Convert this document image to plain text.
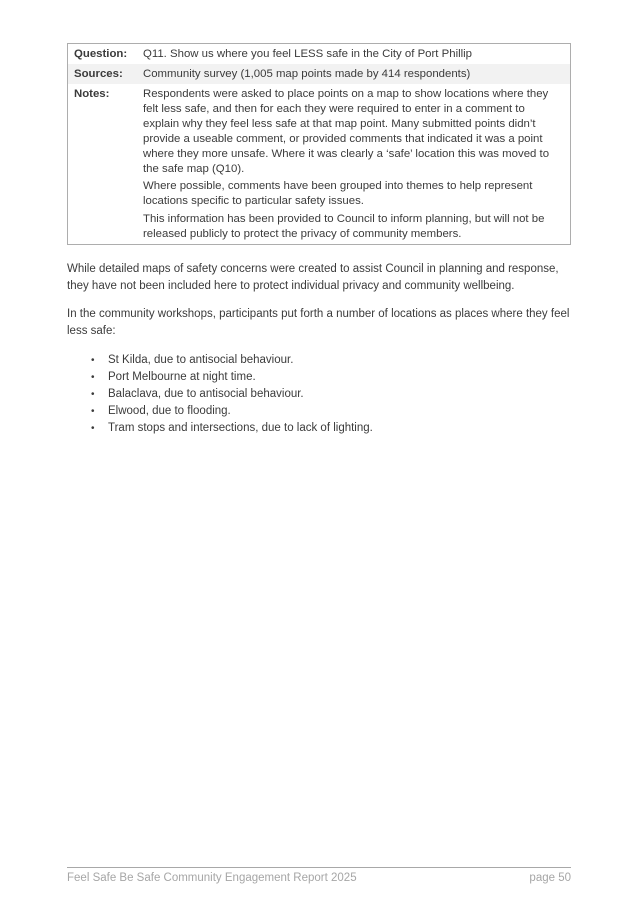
Question:	Q11. Show us where you feel LESS safe in the City of Port Phillip
Sources:	Community survey (1,005 map points made by 414 respondents)
Notes:	Respondents were asked to place points on a map to show locations where they felt less safe, and then for each they were required to enter in a comment to explain why they feel less safe at that map point. Many submitted points didn’t provide a useable comment, or provided comments that indicated it was a point where they more unsafe. Where it was clearly a ‘safe’ location this was moved to the safe map (Q10).

Where possible, comments have been grouped into themes to help represent locations specific to particular safety issues.

This information has been provided to Council to inform planning, but will not be released publicly to protect the privacy of community members.

While detailed maps of safety concerns were created to assist Council in planning and response, they have not been included here to protect individual privacy and community wellbeing.

In the community workshops, participants put forth a number of locations as places where they feel less safe:

•	St Kilda, due to antisocial behaviour.
•	Port Melbourne at night time.
•	Balaclava, due to antisocial behaviour.
•	Elwood, due to flooding.
•	Tram stops and intersections, due to lack of lighting.
Feel Safe Be Safe Community Engagement Report 2025	page 50
